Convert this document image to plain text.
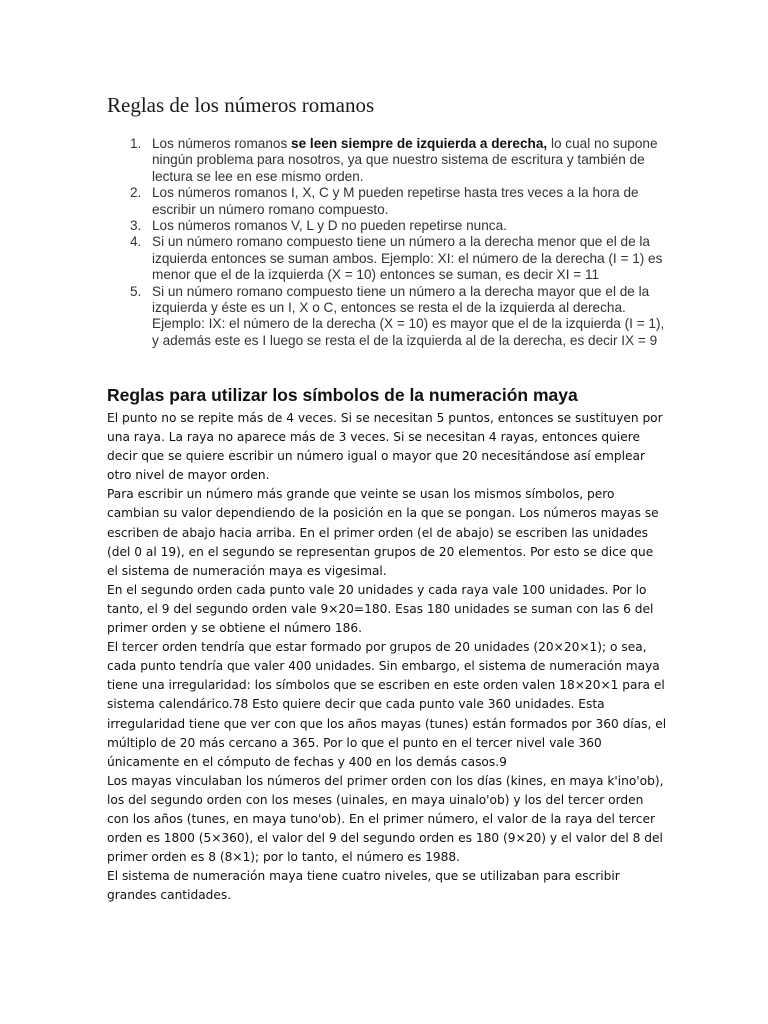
Reglas de los números romanos
1. Los números romanos se leen siempre de izquierda a derecha, lo cual no supone ningún problema para nosotros, ya que nuestro sistema de escritura y también de lectura se lee en ese mismo orden.
2. Los números romanos I, X, C y M pueden repetirse hasta tres veces a la hora de escribir un número romano compuesto.
3. Los números romanos V, L y D no pueden repetirse nunca.
4. Si un número romano compuesto tiene un número a la derecha menor que el de la izquierda entonces se suman ambos. Ejemplo: XI: el número de la derecha (I = 1) es menor que el de la izquierda (X = 10) entonces se suman, es decir XI = 11
5. Si un número romano compuesto tiene un número a la derecha mayor que el de la izquierda y éste es un I, X o C, entonces se resta el de la izquierda al derecha. Ejemplo: IX: el número de la derecha (X = 10) es mayor que el de la izquierda (I = 1), y además este es I luego se resta el de la izquierda al de la derecha, es decir IX = 9
Reglas para utilizar los símbolos de la numeración maya

El punto no se repite más de 4 veces. Si se necesitan 5 puntos, entonces se sustituyen por una raya. La raya no aparece más de 3 veces. Si se necesitan 4 rayas, entonces quiere decir que se quiere escribir un número igual o mayor que 20 necesitándose así emplear otro nivel de mayor orden.

Para escribir un número más grande que veinte se usan los mismos símbolos, pero cambian su valor dependiendo de la posición en la que se pongan. Los números mayas se escriben de abajo hacia arriba. En el primer orden (el de abajo) se escriben las unidades (del 0 al 19), en el segundo se representan grupos de 20 elementos. Por esto se dice que el sistema de numeración maya es vigesimal.

En el segundo orden cada punto vale 20 unidades y cada raya vale 100 unidades. Por lo tanto, el 9 del segundo orden vale 9×20=180. Esas 180 unidades se suman con las 6 del primer orden y se obtiene el número 186.

El tercer orden tendría que estar formado por grupos de 20 unidades (20×20×1); o sea, cada punto tendría que valer 400 unidades. Sin embargo, el sistema de numeración maya tiene una irregularidad: los símbolos que se escriben en este orden valen 18×20×1 para el sistema calendárico.78 Esto quiere decir que cada punto vale 360 unidades. Esta irregularidad tiene que ver con que los años mayas (tunes) están formados por 360 días, el múltiplo de 20 más cercano a 365. Por lo que el punto en el tercer nivel vale 360 únicamente en el cómputo de fechas y 400 en los demás casos.9

Los mayas vinculaban los números del primer orden con los días (kines, en maya k'ino'ob), los del segundo orden con los meses (uinales, en maya uinalo'ob) y los del tercer orden con los años (tunes, en maya tuno'ob). En el primer número, el valor de la raya del tercer orden es 1800 (5×360), el valor del 9 del segundo orden es 180 (9×20) y el valor del 8 del primer orden es 8 (8×1); por lo tanto, el número es 1988.

El sistema de numeración maya tiene cuatro niveles, que se utilizaban para escribir grandes cantidades.
